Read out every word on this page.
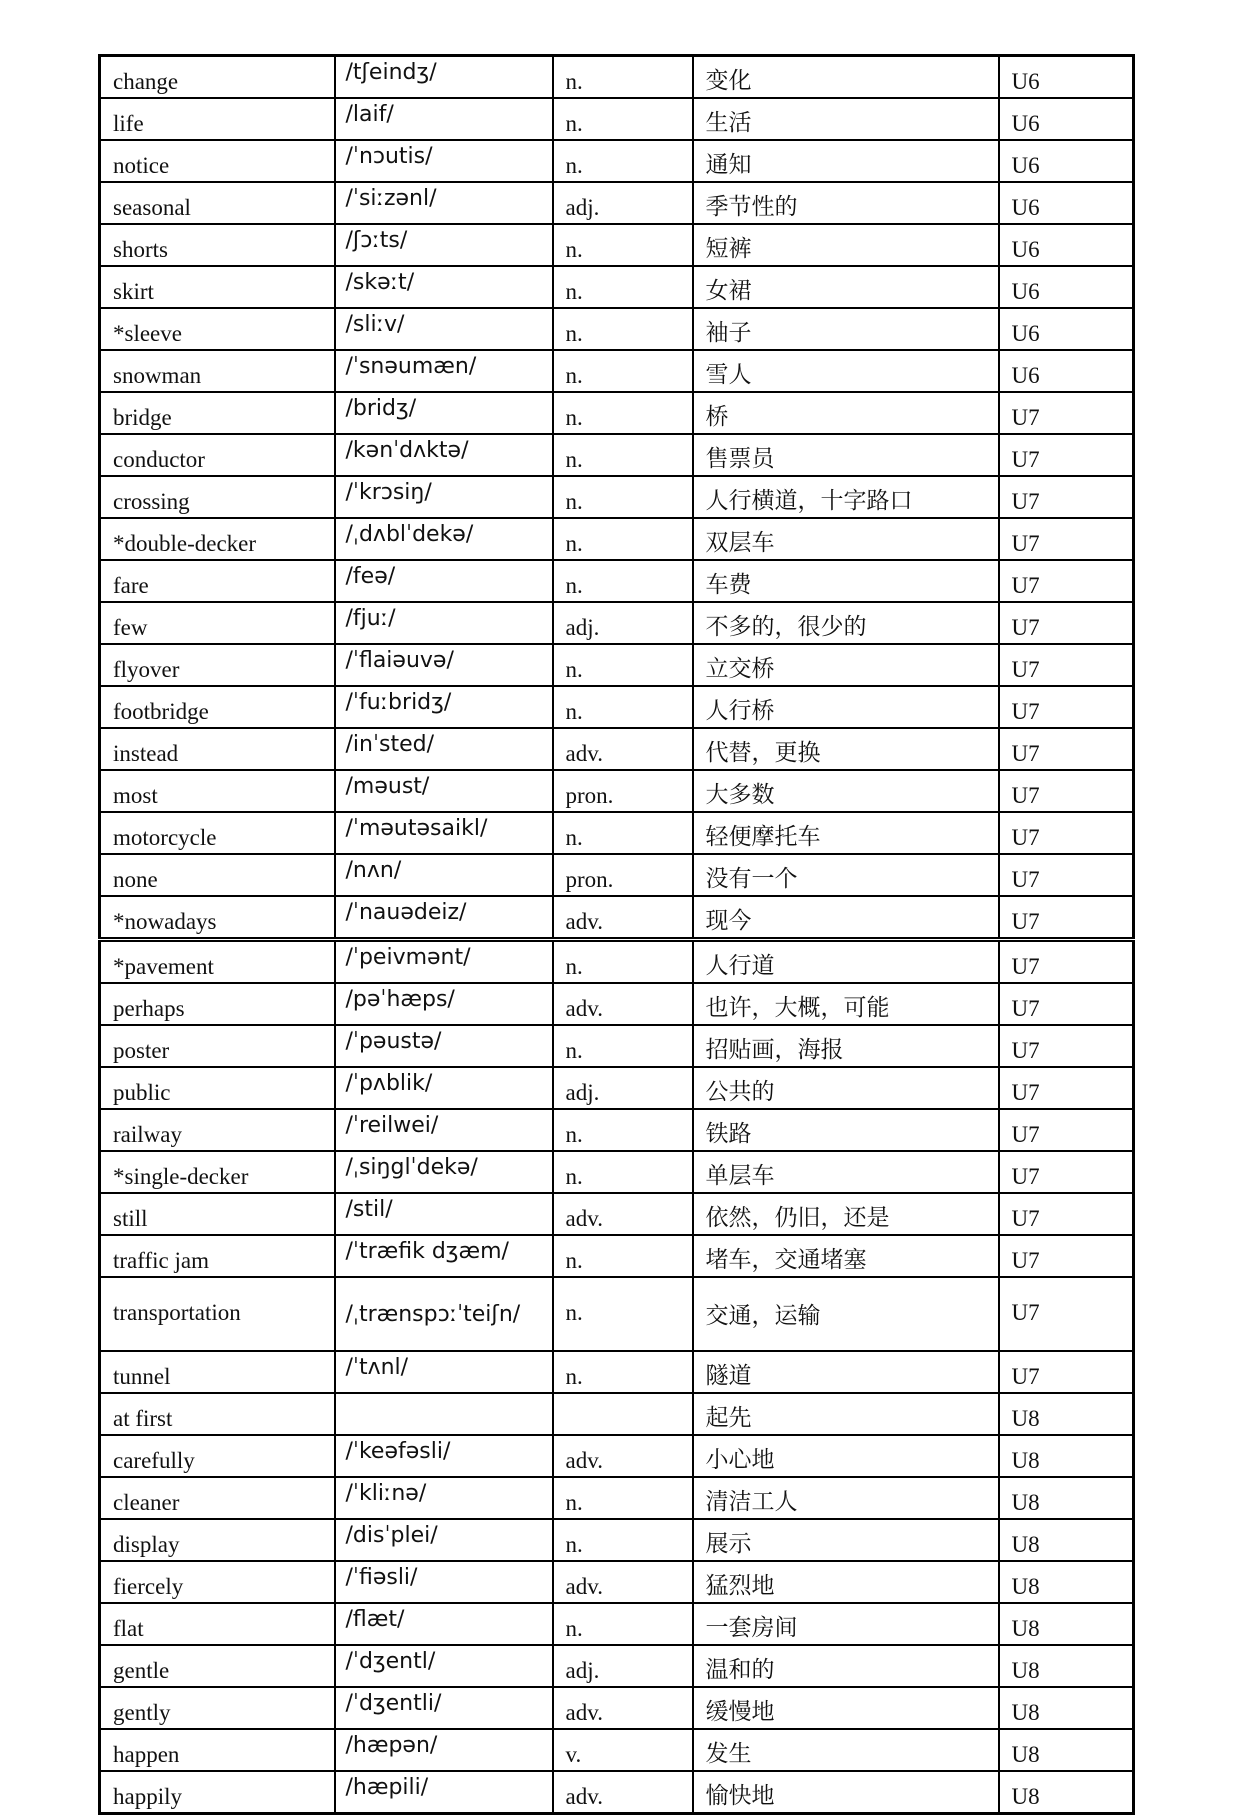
change	/tʃeindʒ/	n.	变化	U6
life	/laif/	n.	生活	U6
notice	/ˈnɔutis/	n.	通知	U6
seasonal	/ˈsiːzənl/	adj.	季节性的	U6
shorts	/ʃɔːts/	n.	短裤	U6
skirt	/skəːt/	n.	女裙	U6
*sleeve	/sliːv/	n.	袖子	U6
snowman	/ˈsnəumæn/	n.	雪人	U6
bridge	/bridʒ/	n.	桥	U7
conductor	/kənˈdʌktə/	n.	售票员	U7
crossing	/ˈkrɔsiŋ/	n.	人行横道，十字路口	U7
*double-decker	/ˌdʌblˈdekə/	n.	双层车	U7
fare	/feə/	n.	车费	U7
few	/fjuː/	adj.	不多的，很少的	U7
flyover	/ˈflaiəuvə/	n.	立交桥	U7
footbridge	/ˈfuːbridʒ/	n.	人行桥	U7
instead	/inˈsted/	adv.	代替，更换	U7
most	/məust/	pron.	大多数	U7
motorcycle	/ˈməutəsaikl/	n.	轻便摩托车	U7
none	/nʌn/	pron.	没有一个	U7
*nowadays	/ˈnauədeiz/	adv.	现今	U7
*pavement	/ˈpeivmənt/	n.	人行道	U7
perhaps	/pəˈhæps/	adv.	也许，大概，可能	U7
poster	/ˈpəustə/	n.	招贴画，海报	U7
public	/ˈpʌblik/	adj.	公共的	U7
railway	/ˈreilwei/	n.	铁路	U7
*single-decker	/ˌsiŋglˈdekə/	n.	单层车	U7
still	/stil/	adv.	依然，仍旧，还是	U7
traffic jam	/ˈtræfik dʒæm/	n.	堵车，交通堵塞	U7
transportation	/ˌtrænspɔːˈteiʃn/	n.	交通，运输	U7
tunnel	/ˈtʌnl/	n.	隧道	U7
at first			起先	U8
carefully	/ˈkeəfəsli/	adv.	小心地	U8
cleaner	/ˈkliːnə/	n.	清洁工人	U8
display	/disˈplei/	n.	展示	U8
fiercely	/ˈfiəsli/	adv.	猛烈地	U8
flat	/flæt/	n.	一套房间	U8
gentle	/ˈdʒentl/	adj.	温和的	U8
gently	/ˈdʒentli/	adv.	缓慢地	U8
happen	/hæpən/	v.	发生	U8
happily	/hæpili/	adv.	愉快地	U8
